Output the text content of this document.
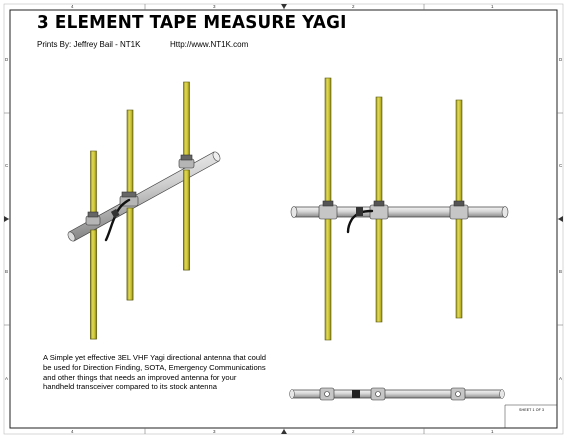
4	3	2	1
4	3	2	1
D
C
B
A
D
C
B
A
3 ELEMENT TAPE MEASURE YAGI
Prints By: Jeffrey Bail - NT1K	Http://www.NT1K.com
A Simple yet effective 3EL VHF Yagi directional antenna that could
be used for Direction Finding, SOTA, Emergency Communications
and other things that needs an improved antenna for your
handheld transceiver compared to its stock antenna
SHEET 1 OF 3
